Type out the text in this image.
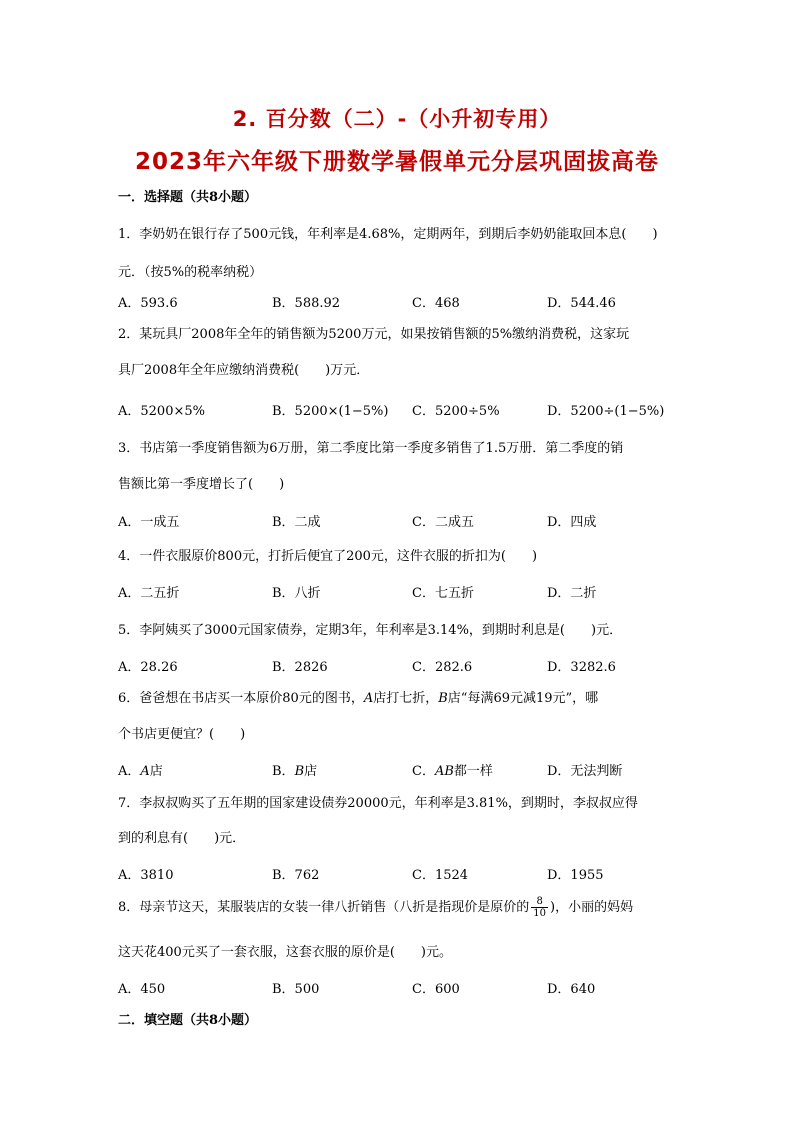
2. 百分数（二）-（小升初专用）
2023年六年级下册数学暑假单元分层巩固拔高卷
一．选择题（共8小题）
1．李奶奶在银行存了500元钱，年利率是4.68%，定期两年，到期后李奶奶能取回本息(　　)
元．（按5%的税率纳税）
A．593.6	B．588.92	C．468	D．544.46
2．某玩具厂2008年全年的销售额为5200万元，如果按销售额的5%缴纳消费税，这家玩
具厂2008年全年应缴纳消费税(　　)万元．
A．5200×5%	B．5200×(1−5%) C．5200÷5%	D．5200÷(1−5%)
3．书店第一季度销售额为6万册，第二季度比第一季度多销售了1.5万册．第二季度的销
售额比第一季度增长了(　　)
A．一成五	B．二成	C．二成五	D．四成
4．一件衣服原价800元，打折后便宜了200元，这件衣服的折扣为(　　)
A．二五折	B．八折	C．七五折	D．二折
5．李阿姨买了3000元国家债券，定期3年，年利率是3.14%，到期时利息是(　　)元．
A．28.26	B．2826	C．282.6	D．3282.6
6．爸爸想在书店买一本原价80元的图书，A店打七折，B店“每满69元减19元”，哪
个书店更便宜？(　　)
A．A店	B．B店	C．AB都一样	D．无法判断
7．李叔叔购买了五年期的国家建设债券20000元，年利率是3.81%，到期时，李叔叔应得
到的利息有(　　)元．
A．3810	B．762	C．1524	D．1955
8．母亲节这天，某服装店的女装一律八折销售（八折是指现价是原价的 $\frac{8}{10}$ )，小丽的妈妈
这天花400元买了一套衣服，这套衣服的原价是(　　)元。
A．450	B．500	C．600	D．640
二．填空题（共8小题）
